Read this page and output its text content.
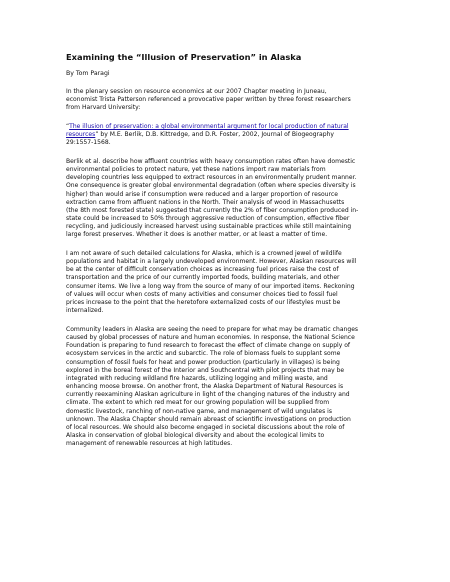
Examining the “Illusion of Preservation” in Alaska
By Tom Paragi
In the plenary session on resource economics at our 2007 Chapter meeting in Juneau,
economist Trista Patterson referenced a provocative paper written by three forest researchers
from Harvard University:
“The illusion of preservation: a global environmental argument for local production of natural
resources” by M.E. Berlik, D.B. Kittredge, and D.R. Foster, 2002, Journal of Biogeography
29:1557-1568.
Berlik et al. describe how affluent countries with heavy consumption rates often have domestic
environmental policies to protect nature, yet these nations import raw materials from
developing countries less equipped to extract resources in an environmentally prudent manner.
One consequence is greater global environmental degradation (often where species diversity is
higher) than would arise if consumption were reduced and a larger proportion of resource
extraction came from affluent nations in the North. Their analysis of wood in Massachusetts
(the 8th most forested state) suggested that currently the 2% of fiber consumption produced in-
state could be increased to 50% through aggressive reduction of consumption, effective fiber
recycling, and judiciously increased harvest using sustainable practices while still maintaining
large forest preserves. Whether it does is another matter, or at least a matter of time.
I am not aware of such detailed calculations for Alaska, which is a crowned jewel of wildlife
populations and habitat in a largely undeveloped environment. However, Alaskan resources will
be at the center of difficult conservation choices as increasing fuel prices raise the cost of
transportation and the price of our currently imported foods, building materials, and other
consumer items. We live a long way from the source of many of our imported items. Reckoning
of values will occur when costs of many activities and consumer choices tied to fossil fuel
prices increase to the point that the heretofore externalized costs of our lifestyles must be
internalized.
Community leaders in Alaska are seeing the need to prepare for what may be dramatic changes
caused by global processes of nature and human economies. In response, the National Science
Foundation is preparing to fund research to forecast the effect of climate change on supply of
ecosystem services in the arctic and subarctic. The role of biomass fuels to supplant some
consumption of fossil fuels for heat and power production (particularly in villages) is being
explored in the boreal forest of the Interior and Southcentral with pilot projects that may be
integrated with reducing wildland fire hazards, utilizing logging and milling waste, and
enhancing moose browse. On another front, the Alaska Department of Natural Resources is
currently reexamining Alaskan agriculture in light of the changing natures of the industry and
climate. The extent to which red meat for our growing population will be supplied from
domestic livestock, ranching of non-native game, and management of wild ungulates is
unknown. The Alaska Chapter should remain abreast of scientific investigations on production
of local resources. We should also become engaged in societal discussions about the role of
Alaska in conservation of global biological diversity and about the ecological limits to
management of renewable resources at high latitudes.
